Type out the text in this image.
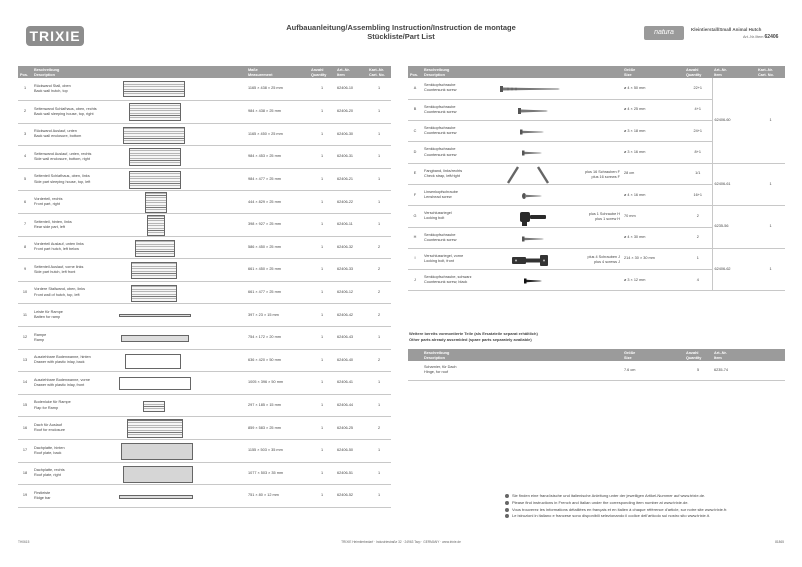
TRIXIE
Aufbauanleitung/Assembling Instruction/Instruction de montage
Stückliste/Part List	natura	Kleintierstall/Small Animal Hutch
Art.-Nr./Item 62406
Pos.	Beschreibung
Description		Maße
Measurement	Anzahl
Quantity	Art.-Nr.
Item	Kart.-Nr.
Cart. No.

1	Rückwand Stall, oben
Back wall hutch, top		1165 × 438 × 25 mm	1	62406-10	1
2	Seitenwand Schlafhaus, oben, rechts
Back wall sleeping house, top, right		984 × 438 × 25 mm	1	62406-20	1
3	Rückwand Auslauf, unten
Back wall enclosure, bottom		1165 × 450 × 25 mm	1	62406-30	1
4	Seitenwand Auslauf, unten, rechts
Side wall enclosure, bottom, right		984 × 453 × 25 mm	1	62406-31	1
5	Seitenteil Schlafhaus, oben, links
Side part sleeping house, top, left		984 × 477 × 25 mm	1	62406-21	1
6	Vorderteil, rechts
Front part, right		444 × 829 × 25 mm	1	62406-22	1
7	Seitenteil, hinten, links
Rear side part, left		398 × 927 × 25 mm	1	62406-11	1
8	Vorderteil Auslauf, unten links
Front part hutch, left below		586 × 450 × 25 mm	1	62406-32	2
9	Seitenteil Auslauf, vorne links
Side part hutch, left front		661 × 450 × 25 mm	1	62406-33	2
10	Vordere Stallwand, oben, links
Front wall of hutch, top, left		661 × 477 × 25 mm	1	62406-12	2
11	Leiste für Rampe
Batten for ramp		397 × 23 × 15 mm	1	62406-42	2
12	Rampe
Ramp		754 × 172 × 20 mm	1	62406-43	1
13	Ausziehbare Bodenwanne, hinten
Drawer with plastic inlay, back		636 × 420 × 50 mm	1	62406-40	2
14	Ausziehbare Bodenwanne, vorne
Drawer with plastic inlay, front		1005 × 396 × 50 mm	1	62406-41	1
15	Bodenluke für Rampe
Flap for Ramp		297 × 185 × 15 mm	1	62406-44	1
16	Dach für Auslauf
Roof for enclosure		859 × 583 × 25 mm	1	62406-25	2
17	Dachplatte, hinten
Roof plate, back		1155 × 503 × 35 mm	1	62406-50	1
18	Dachplatte, rechts
Roof plate, right		1077 × 503 × 35 mm	1	62406-51	1
19	Firstleiste
Ridge bar		751 × 80 × 12 mm	1	62406-52	1
Pos.	Beschreibung
Description		Größe
Size	Anzahl
Quantity	Art.-Nr.
Item	Kart.-Nr.
Cart. No.

A	Senkkopfschraube
Countersunk screw		ø 4 × 50 mm	22+1	62406-60	1
B	Senkkopfschraube
Countersunk screw		ø 4 × 25 mm	4+1		
C	Senkkopfschraube
Countersunk screw		ø 3 × 18 mm	24+1		
D	Senkkopfschraube
Countersunk screw		ø 3 × 16 mm	8+1		
E	Fangband, links/rechts
Check strap, left/right	plus 16 Schrauben F
plus 16 screws F	28 cm	1/1	62406-61	1
F	Linsenkopfschraube
Lenshead screw		ø 4 × 16 mm	16+1		
G	Verschlussriegel
Locking bolt	plus 1 Schraube H
plus 1 screw H	70 mm	2	6235-56	1
H	Senkkopfschraube
Countersunk screw		ø 4 × 30 mm	2		
I	Verschlussriegel, vorne
Locking bolt, front	plus 4 Schrauben J
plus 4 screws J	214 × 30 × 30 mm	1	62406-62	1
J	Senkkopfschraube, schwarz
Countersunk screw, black		ø 3 × 12 mm	4		
Weitere bereits vormontierte Teile (als Ersatzteile separat erhältlich)
Other parts already assembled (spare parts separately available)

	Beschreibung
Description	Größe
Size	Anzahl
Quantity	Art.-Nr.
Item

	Scharnier, für Dach
Hinge, for roof	7.6 cm	5	6235-74
Sie finden eine französische und italienische Anleitung unter der jeweiligen Artikel-Nummer auf www.trixie.de.
Please find instructions in French and Italian under the corresponding item number at www.trixie.de.
Vous trouverez les informations détaillées en français et en italien à chaque référence d'article, sur notre site www.trixie.fr.
Le istruzioni in italiano e francese sono disponibili selezionando il codice dell'articolo sul nostro sito www.trixie.it.
TH0615	TRIXIE Heimtierbedarf · Industriestraße 32 · 24963 Tarp · GERMANY · www.trixie.de	81865
